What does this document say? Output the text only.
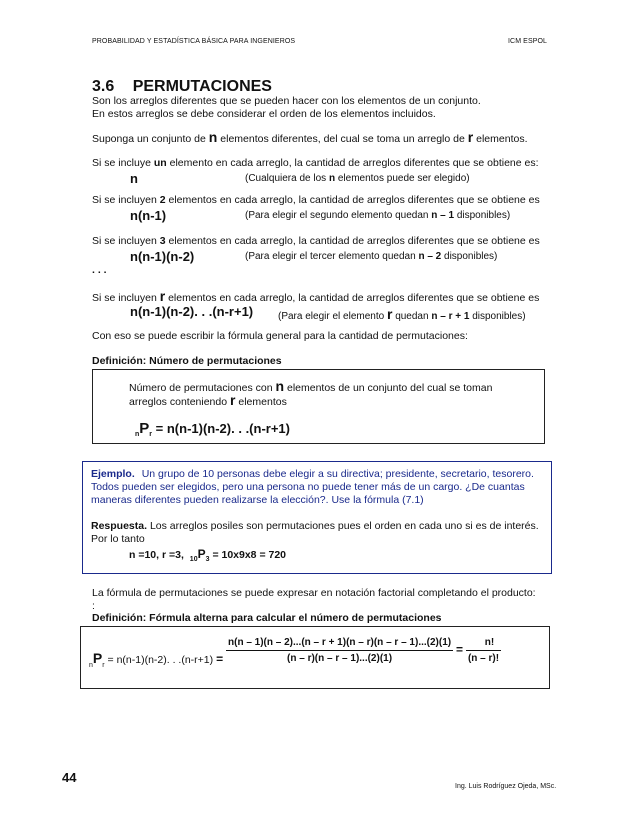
PROBABILIDAD Y ESTADÍSTICA BÁSICA PARA INGENIEROS	ICM ESPOL
3.6 PERMUTACIONES
Son los arreglos diferentes que se pueden hacer con los elementos de un conjunto.
En estos arreglos se debe considerar el orden de los elementos incluidos.
Suponga un conjunto de n elementos diferentes, del cual se toma un arreglo de r elementos.
Si se incluye un elemento en cada arreglo, la cantidad de arreglos diferentes que se obtiene es:
n	(Cualquiera de los n elementos puede ser elegido)
Si se incluyen 2 elementos en cada arreglo, la cantidad de arreglos diferentes que se obtiene es
n(n-1)	(Para elegir el segundo elemento quedan n – 1 disponibles)
Si se incluyen 3 elementos en cada arreglo, la cantidad de arreglos diferentes que se obtiene es
n(n-1)(n-2)	(Para elegir el tercer elemento quedan n – 2 disponibles)
. . .
Si se incluyen r elementos en cada arreglo, la cantidad de arreglos diferentes que se obtiene es
n(n-1)(n-2). . .(n-r+1) (Para elegir el elemento r quedan n – r + 1 disponibles)
Con eso se puede escribir la fórmula general para la cantidad de permutaciones:
Definición: Número de permutaciones
Número de permutaciones con n elementos de un conjunto del cual se toman
arreglos conteniendo r elementos
$_nP_r = n(n-1)(n-2)$. . .(n-r+1)
Ejemplo. Un grupo de 10 personas debe elegir a su directiva; presidente, secretario, tesorero.
Todos pueden ser elegidos, pero una persona no puede tener más de un cargo. ¿De cuantas
maneras diferentes pueden realizarse la elección?. Use la fórmula (7.1)
Respuesta. Los arreglos posiles son permutaciones pues el orden en cada uno si es de interés.
Por lo tanto
n =10, r =3, $_{10}P_3 = 10x9x8 = 720$
La fórmula de permutaciones se puede expresar en notación factorial completando el producto:
:
Definición: Fórmula alterna para calcular el número de permutaciones
$_nP_r = n(n-1)(n-2)$. . $.(n-r+1) = \frac{n(n - 1)(n - 2)...(n - r + 1)(n - r)(n - r - 1)...(2)(1)}{(n - r)(n - r - 1)...(2)(1)} = \frac{n!}{(n - r)!}$
44
Ing. Luis Rodríguez Ojeda, MSc.
